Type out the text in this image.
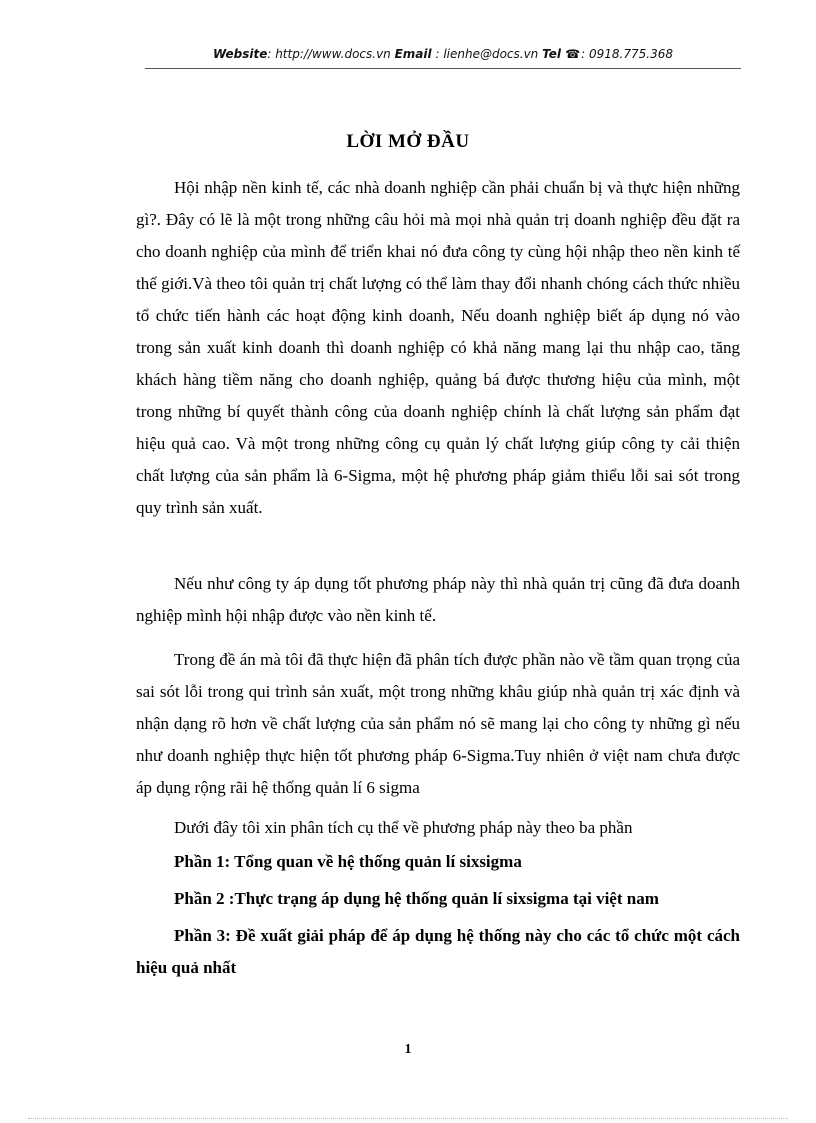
Website: http://www.docs.vn Email : lienhe@docs.vn Tel ☎: 0918.775.368
LỜI MỞ ĐẦU

Hội nhập nền kinh tế, các nhà doanh nghiệp cần phải chuẩn bị và thực hiện những gì?. Đây có lẽ là một trong những câu hỏi mà mọi nhà quản trị doanh nghiệp đều đặt ra cho doanh nghiệp của mình để triển khai nó đưa công ty cùng hội nhập theo nền kinh tế thế giới.Và theo tôi quản trị chất lượng có thể làm thay đổi nhanh chóng cách thức nhiều tổ chức tiến hành các hoạt động kinh doanh, Nếu doanh nghiệp biết áp dụng nó vào trong sản xuất kinh doanh thì doanh nghiệp có khả năng mang lại thu nhập cao, tăng khách hàng tiềm năng cho doanh nghiệp, quảng bá được thương hiệu của mình, một trong những bí quyết thành công của doanh nghiệp chính là chất lượng sản phẩm đạt hiệu quả cao. Và một trong những công cụ quản lý chất lượng giúp công ty cải thiện chất lượng của sản phẩm là 6-Sigma, một hệ phương pháp giảm thiểu lỗi sai sót trong quy trình sản xuất.

Nếu như công ty áp dụng tốt phương pháp này thì nhà quản trị cũng đã đưa doanh nghiệp mình hội nhập được vào nền kinh tế.

Trong đề án mà tôi đã thực hiện đã phân tích được phần nào về tầm quan trọng của sai sót lỗi trong qui trình sản xuất, một trong những khâu giúp nhà quản trị xác định và nhận dạng rõ hơn về chất lượng của sản phẩm nó sẽ mang lại cho công ty những gì nếu như doanh nghiệp thực hiện tốt phương pháp 6-Sigma.Tuy nhiên ở việt nam chưa được áp dụng rộng rãi hệ thống quản lí 6 sigma

Dưới đây tôi xin phân tích cụ thể về phương pháp này theo ba phần

Phần 1: Tổng quan về hệ thống quản lí sixsigma

Phần 2 :Thực trạng áp dụng hệ thống quản lí sixsigma tại việt nam

Phần 3: Đề xuất giải pháp để áp dụng hệ thống này cho các tổ chức một cách hiệu quả nhất

1
